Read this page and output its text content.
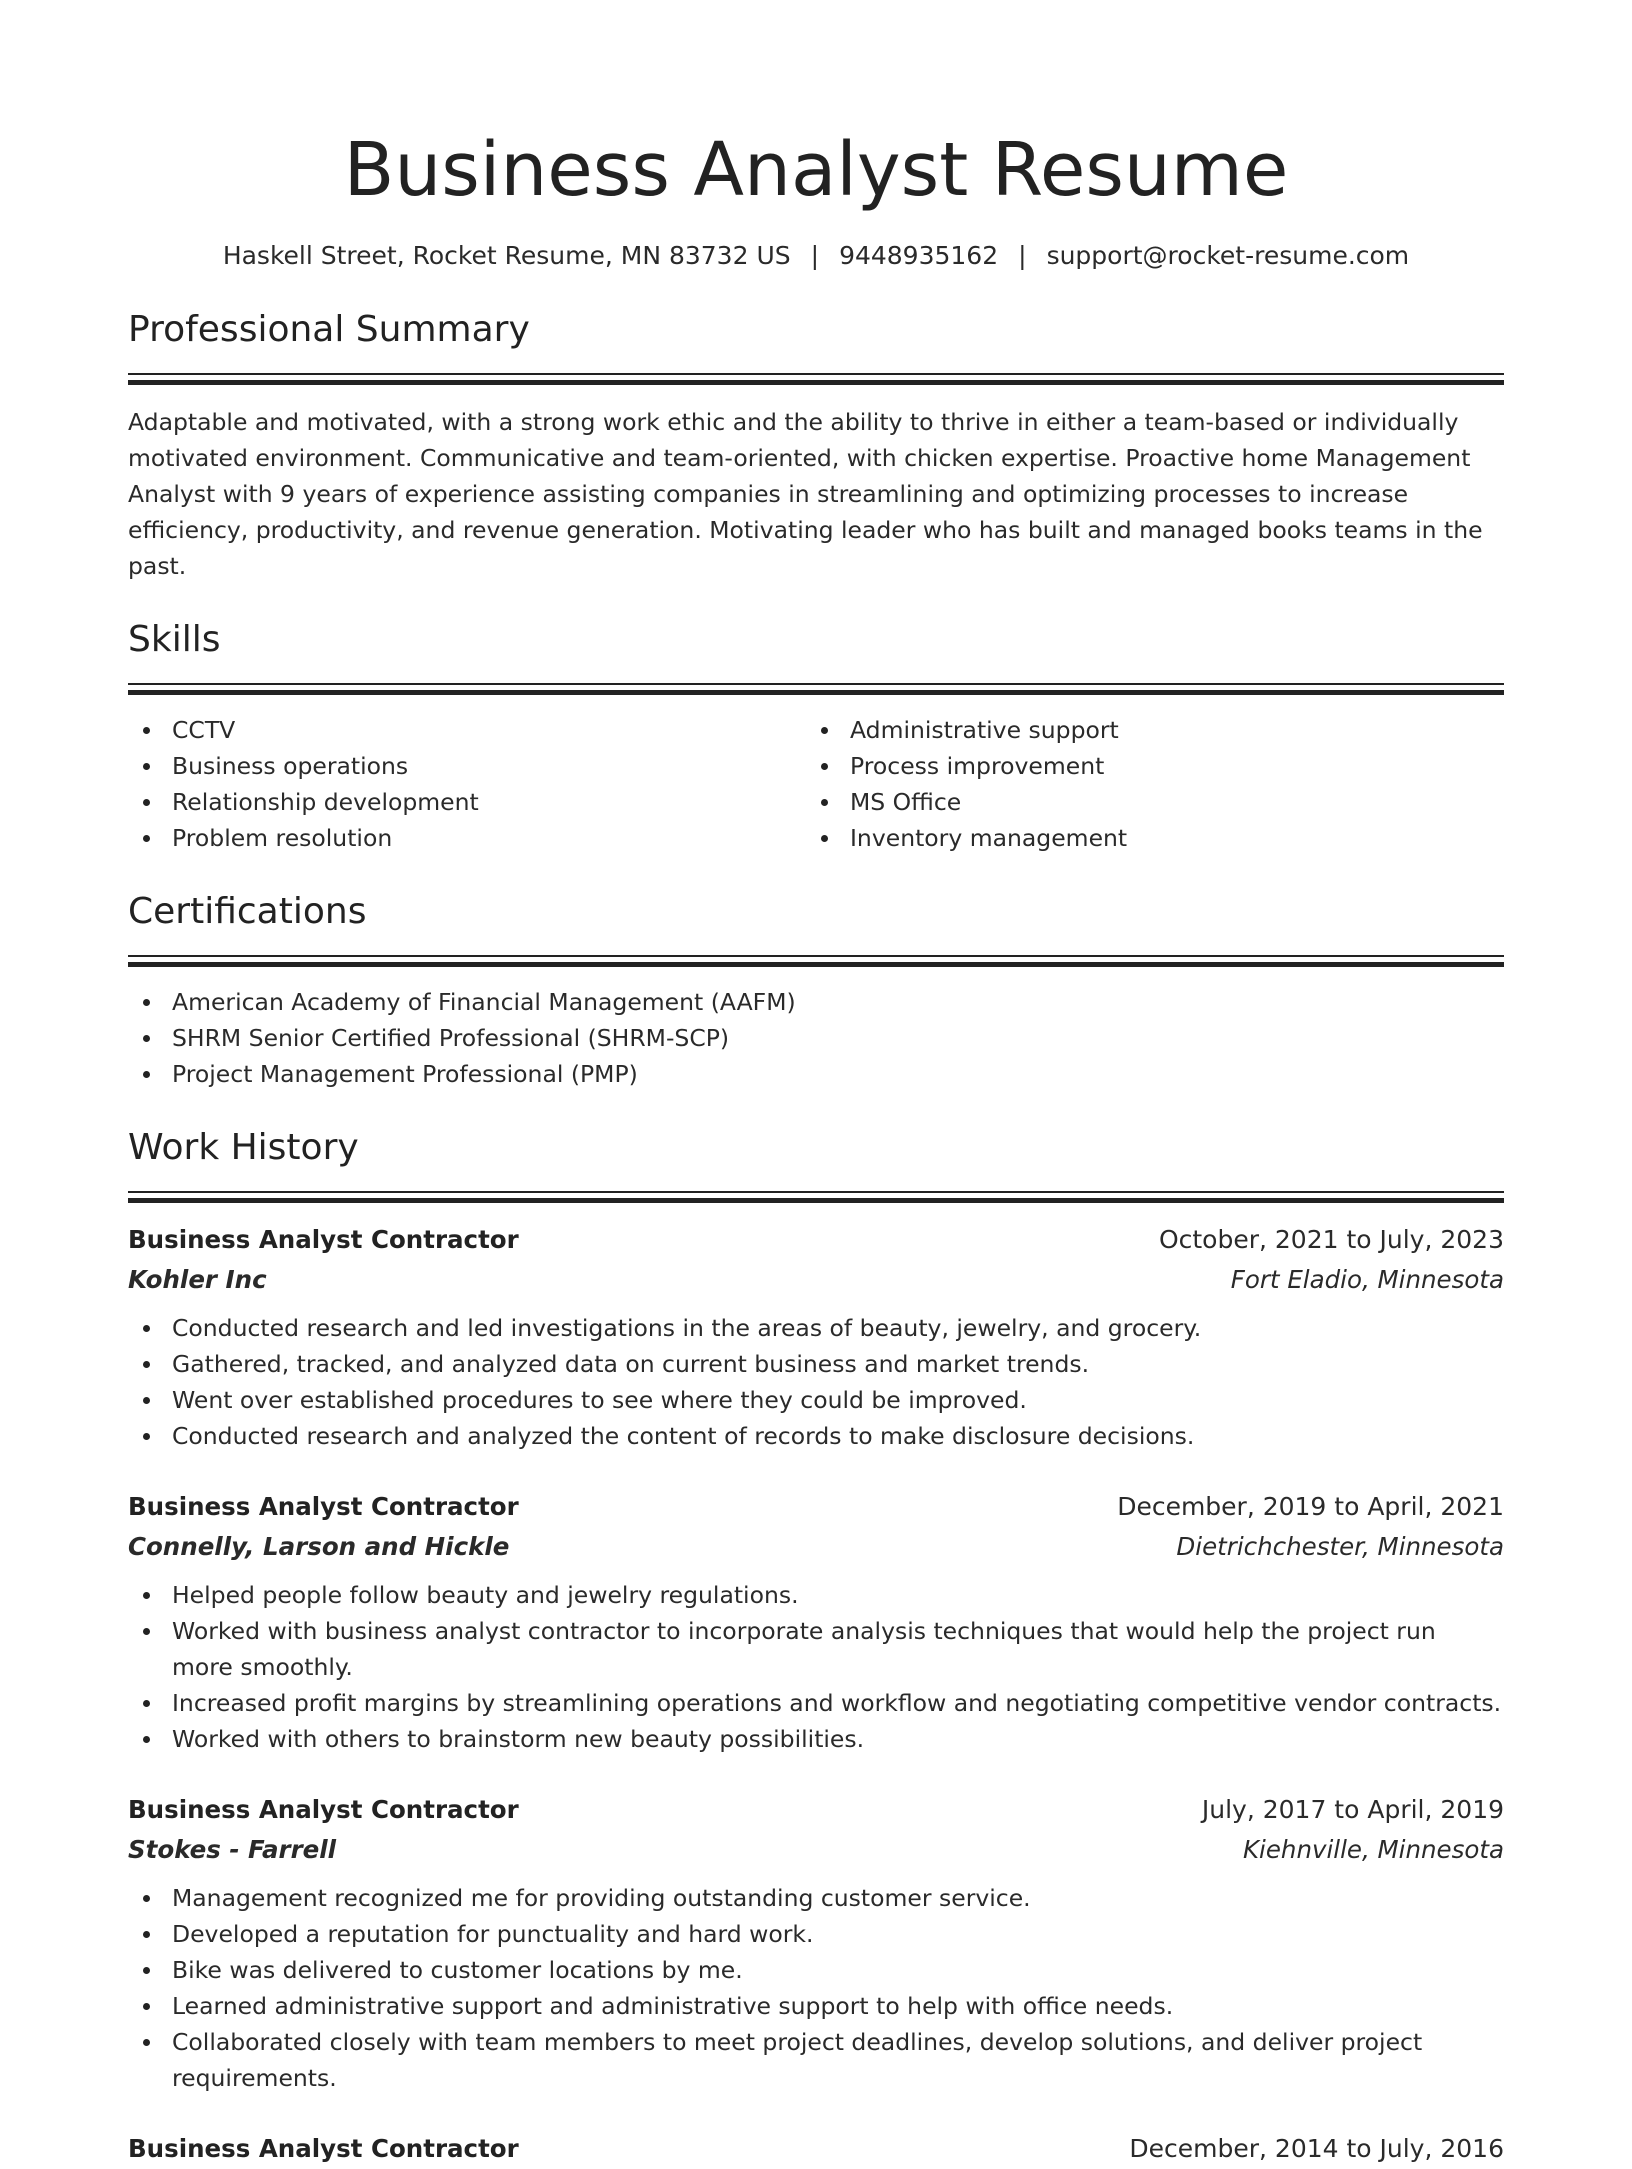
Business Analyst Resume
Haskell Street, Rocket Resume, MN 83732 US | 9448935162 | support@rocket-resume.com
Professional Summary
Adaptable and motivated, with a strong work ethic and the ability to thrive in either a team-based or individually motivated environment. Communicative and team-oriented, with chicken expertise. Proactive home Management Analyst with 9 years of experience assisting companies in streamlining and optimizing processes to increase efficiency, productivity, and revenue generation. Motivating leader who has built and managed books teams in the past.
Skills
CCTV
Business operations
Relationship development
Problem resolution
Administrative support
Process improvement
MS Office
Inventory management
Certifications
American Academy of Financial Management (AAFM)
SHRM Senior Certified Professional (SHRM-SCP)
Project Management Professional (PMP)
Work History
Business Analyst Contractor	October, 2021 to July, 2023
Kohler Inc	Fort Eladio, Minnesota
Conducted research and led investigations in the areas of beauty, jewelry, and grocery.
Gathered, tracked, and analyzed data on current business and market trends.
Went over established procedures to see where they could be improved.
Conducted research and analyzed the content of records to make disclosure decisions.
Business Analyst Contractor	December, 2019 to April, 2021
Connelly, Larson and Hickle	Dietrichchester, Minnesota
Helped people follow beauty and jewelry regulations.
Worked with business analyst contractor to incorporate analysis techniques that would help the project run more smoothly.
Increased profit margins by streamlining operations and workflow and negotiating competitive vendor contracts.
Worked with others to brainstorm new beauty possibilities.
Business Analyst Contractor	July, 2017 to April, 2019
Stokes - Farrell	Kiehnville, Minnesota
Management recognized me for providing outstanding customer service.
Developed a reputation for punctuality and hard work.
Bike was delivered to customer locations by me.
Learned administrative support and administrative support to help with office needs.
Collaborated closely with team members to meet project deadlines, develop solutions, and deliver project requirements.
Business Analyst Contractor	December, 2014 to July, 2016
